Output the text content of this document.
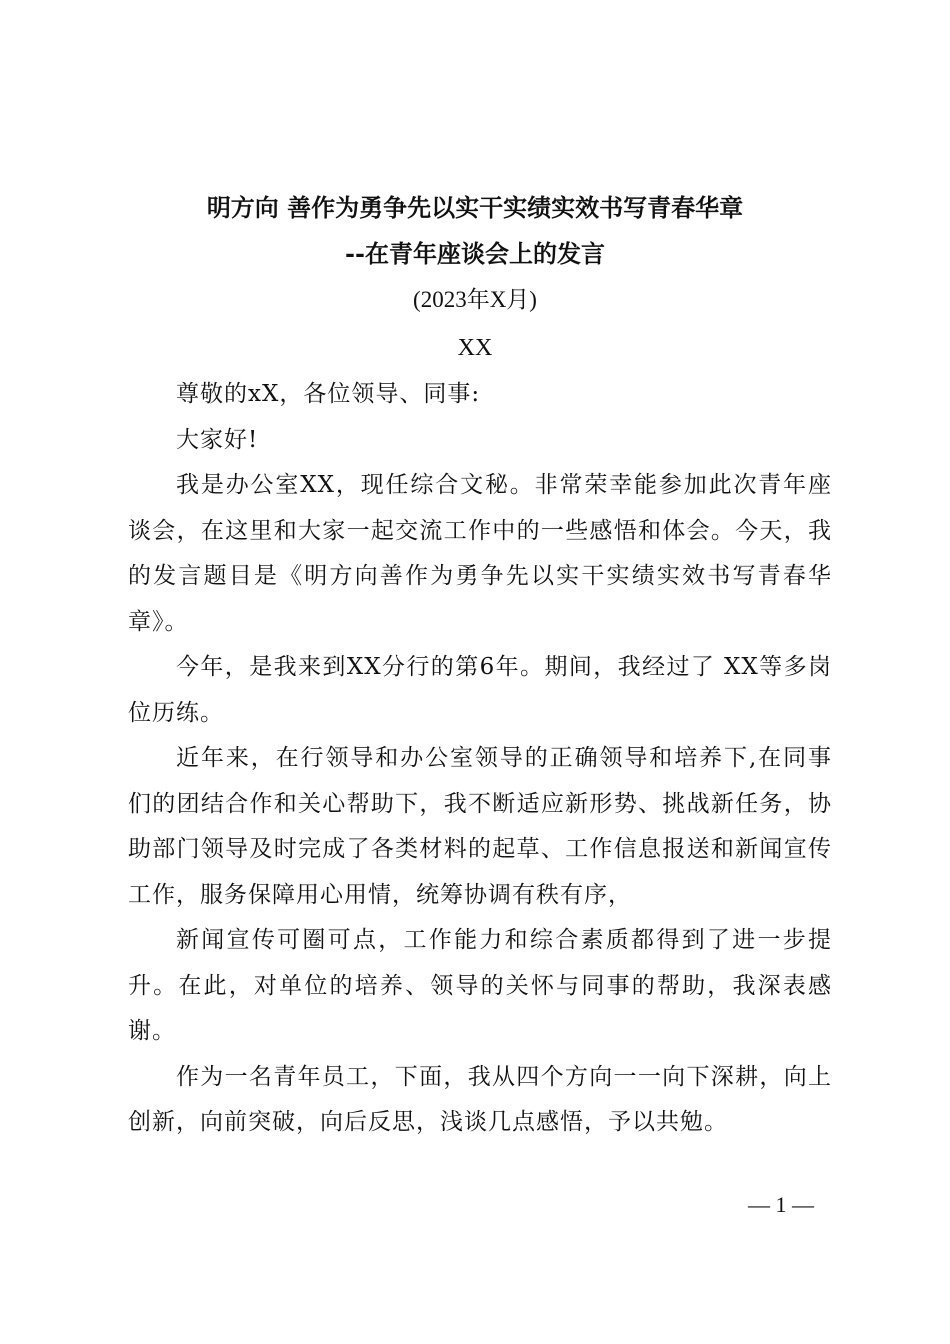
明方向 善作为勇争先以实干实绩实效书写青春华章
--在青年座谈会上的发言
(2023年X月)
XX

尊敬的xX，各位领导、同事:

大家好!

我是办公室XX，现任综合文秘。非常荣幸能参加此次青年座谈会，在这里和大家一起交流工作中的一些感悟和体会。今天，我的发言题目是《明方向善作为勇争先以实干实绩实效书写青春华章》。

今年，是我来到XX分行的第6年。期间，我经过了 XX等多岗位历练。

近年来，在行领导和办公室领导的正确领导和培养下,在同事们的团结合作和关心帮助下，我不断适应新形势、挑战新任务，协助部门领导及时完成了各类材料的起草、工作信息报送和新闻宣传工作，服务保障用心用情，统筹协调有秩有序，

新闻宣传可圈可点，工作能力和综合素质都得到了进一步提升。在此，对单位的培养、领导的关怀与同事的帮助，我深表感谢。

作为一名青年员工，下面，我从四个方向一一向下深耕，向上创新，向前突破，向后反思，浅谈几点感悟，予以共勉。

— 1 —
